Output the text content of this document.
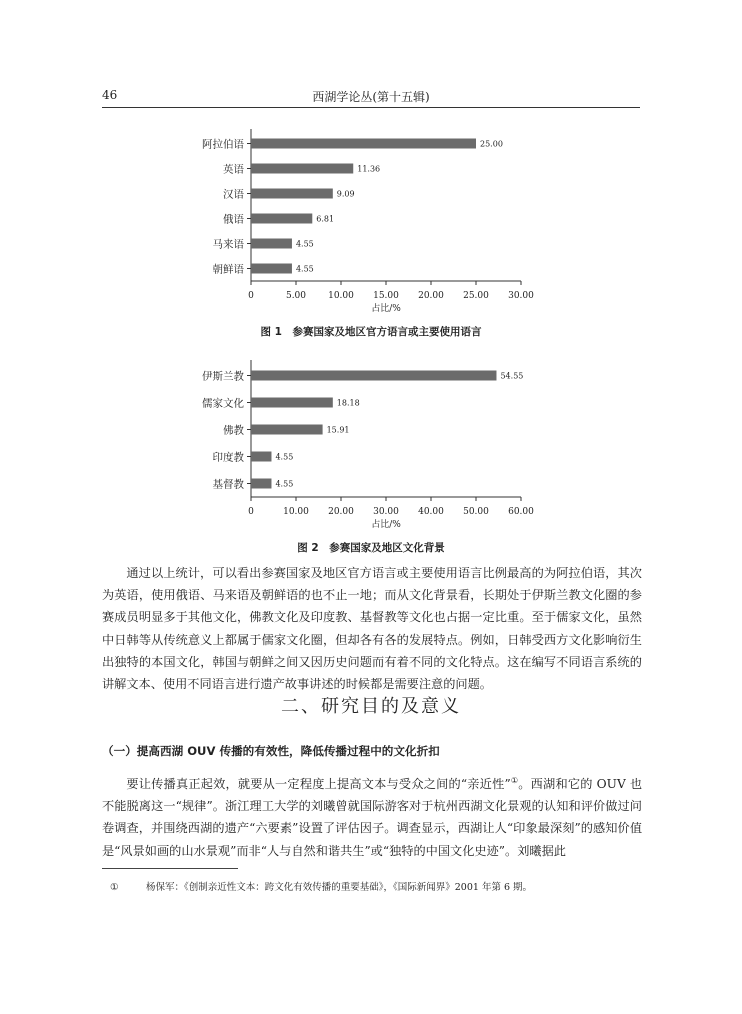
46	西湖学论丛(第十五辑)
阿拉伯语	25.00
英语	11.36
汉语	9.09
俄语	6.81
马来语	4.55
朝鲜语	4.55
0	5.00 10.00 15.00 20.00 25.00 30.00
占比/%
图 1　参赛国家及地区官方语言或主要使用语言
伊斯兰教	54.55
儒家文化	18.18
佛教	15.91
印度教	4.55
基督教	4.55
0	10.00 20.00 30.00 40.00 50.00 60.00
占比/%
图 2　参赛国家及地区文化背景

通过以上统计，可以看出参赛国家及地区官方语言或主要使用语言比例最高的为阿拉伯语，其次为英语，使用俄语、马来语及朝鲜语的也不止一地；而从文化背景看，长期处于伊斯兰教文化圈的参赛成员明显多于其他文化，佛教文化及印度教、基督教等文化也占据一定比重。至于儒家文化，虽然中日韩等从传统意义上都属于儒家文化圈，但却各有各的发展特点。例如，日韩受西方文化影响衍生出独特的本国文化，韩国与朝鲜之间又因历史问题而有着不同的文化特点。这在编写不同语言系统的讲解文本、使用不同语言进行遗产故事讲述的时候都是需要注意的问题。

二、研究目的及意义
（一）提高西湖 OUV 传播的有效性，降低传播过程中的文化折扣

要让传播真正起效，就要从一定程度上提高文本与受众之间的“亲近性”①。西湖和它的 OUV 也不能脱离这一“规律”。浙江理工大学的刘曦曾就国际游客对于杭州西湖文化景观的认知和评价做过问卷调查，并围绕西湖的遗产“六要素”设置了评估因子。调查显示，西湖让人“印象最深刻”的感知价值是“风景如画的山水景观”而非“人与自然和谐共生”或“独特的中国文化史迹”。刘曦据此

①	杨保军：《创制亲近性文本：跨文化有效传播的重要基础》，《国际新闻界》2001 年第 6 期。
